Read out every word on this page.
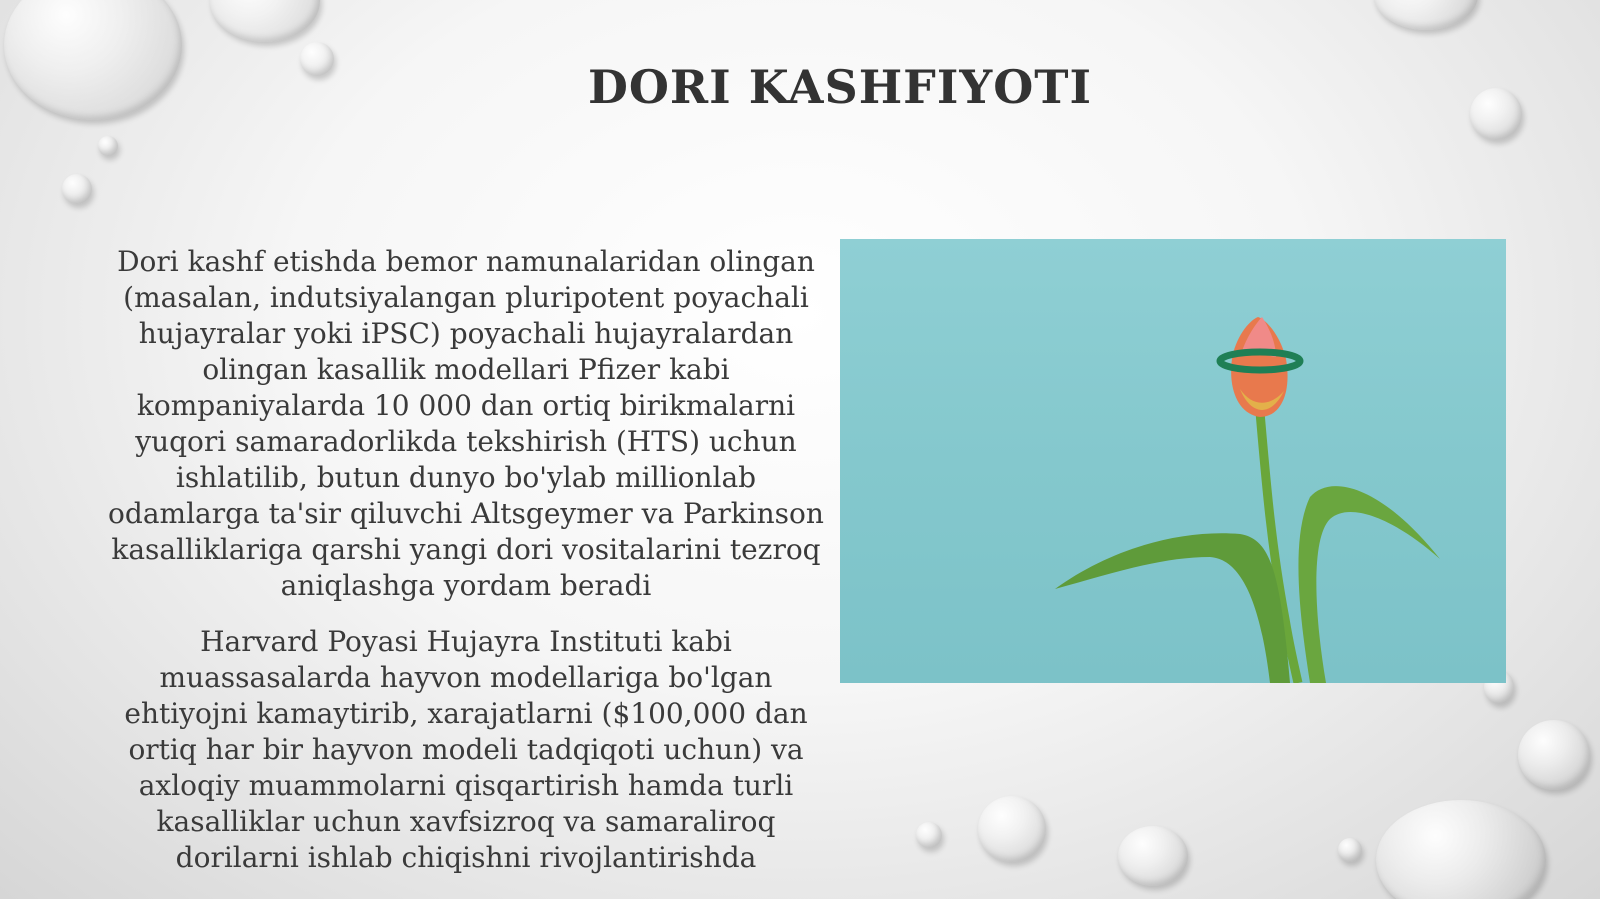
DORI KASHFIYOTI

Dori kashf etishda bemor namunalaridan olingan (masalan, indutsiyalangan pluripotent poyachali hujayralar yoki iPSC) poyachali hujayralardan olingan kasallik modellari Pfizer kabi kompaniyalarda 10 000 dan ortiq birikmalarni yuqori samaradorlikda tekshirish (HTS) uchun ishlatilib, butun dunyo bo'ylab millionlab odamlarga ta'sir qiluvchi Altsgeymer va Parkinson kasalliklariga qarshi yangi dori vositalarini tezroq aniqlashga yordam beradi

Harvard Poyasi Hujayra Instituti kabi muassasalarda hayvon modellariga bo'lgan ehtiyojni kamaytirib, xarajatlarni ($100,000 dan ortiq har bir hayvon modeli tadqiqoti uchun) va axloqiy muammolarni qisqartirish hamda turli kasalliklar uchun xavfsizroq va samaraliroq dorilarni ishlab chiqishni rivojlantirishda
